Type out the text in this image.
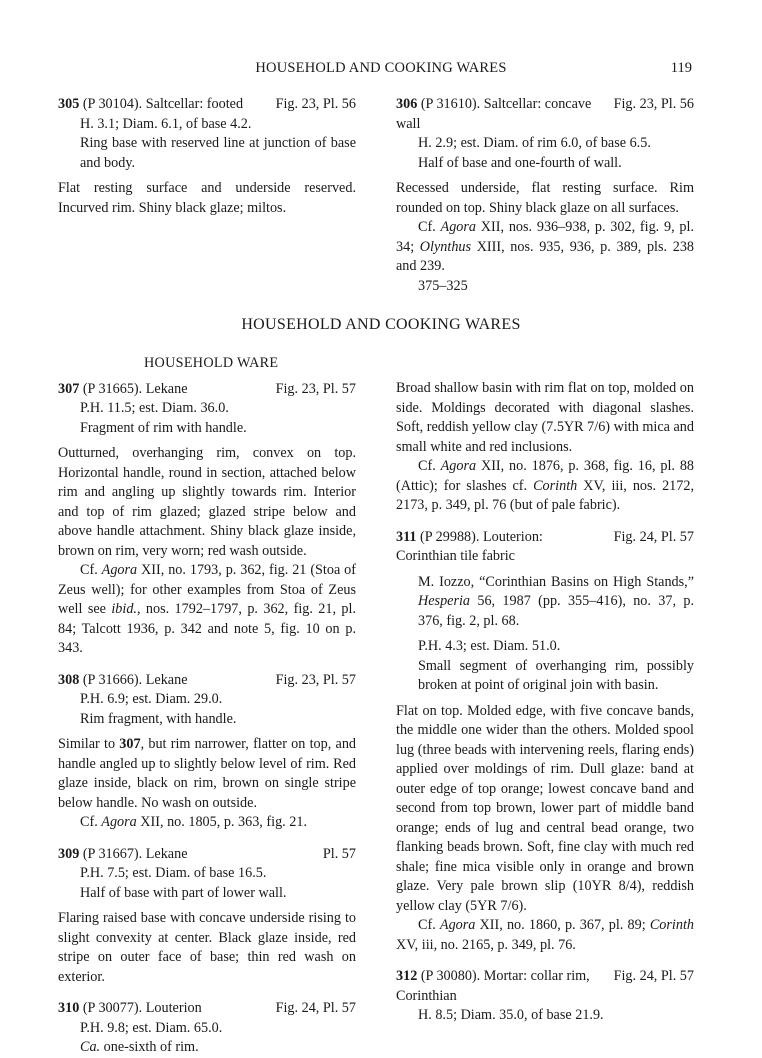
HOUSEHOLD AND COOKING WARES	119
305 (P 30104). Saltcellar: footed	Fig. 23, Pl. 56
H. 3.1; Diam. 6.1, of base 4.2.
Ring base with reserved line at junction of base and body.
Flat resting surface and underside reserved. Incurved rim. Shiny black glaze; miltos.
306 (P 31610). Saltcellar: concave wall
Fig. 23, Pl. 56
H. 2.9; est. Diam. of rim 6.0, of base 6.5.
Half of base and one-fourth of wall.
Recessed underside, flat resting surface. Rim rounded on top. Shiny black glaze on all surfaces.
Cf. Agora XII, nos. 936–938, p. 302, fig. 9, pl. 34; Olynthus XIII, nos. 935, 936, p. 389, pls. 238 and 239.
375–325
HOUSEHOLD AND COOKING WARES
HOUSEHOLD WARE
307 (P 31665). Lekane	Fig. 23, Pl. 57
P.H. 11.5; est. Diam. 36.0.
Fragment of rim with handle.
Outturned, overhanging rim, convex on top. Horizontal handle, round in section, attached below rim and angling up slightly towards rim. Interior and top of rim glazed; glazed stripe below and above handle attachment. Shiny black glaze inside, brown on rim, very worn; red wash outside.
Cf. Agora XII, no. 1793, p. 362, fig. 21 (Stoa of Zeus well); for other examples from Stoa of Zeus well see ibid., nos. 1792–1797, p. 362, fig. 21, pl. 84; Talcott 1936, p. 342 and note 5, fig. 10 on p. 343.
308 (P 31666). Lekane	Fig. 23, Pl. 57
P.H. 6.9; est. Diam. 29.0.
Rim fragment, with handle.
Similar to 307, but rim narrower, flatter on top, and handle angled up to slightly below level of rim. Red glaze inside, black on rim, brown on single stripe below handle. No wash on outside.
Cf. Agora XII, no. 1805, p. 363, fig. 21.
309 (P 31667). Lekane	Pl. 57
P.H. 7.5; est. Diam. of base 16.5.
Half of base with part of lower wall.
Flaring raised base with concave underside rising to slight convexity at center. Black glaze inside, red stripe on outer face of base; thin red wash on exterior.
310 (P 30077). Louterion	Fig. 24, Pl. 57
P.H. 9.8; est. Diam. 65.0.
Ca. one-sixth of rim.
Broad shallow basin with rim flat on top, molded on side. Moldings decorated with diagonal slashes. Soft, reddish yellow clay (7.5YR 7/6) with mica and small white and red inclusions.
Cf. Agora XII, no. 1876, p. 368, fig. 16, pl. 88 (Attic); for slashes cf. Corinth XV, iii, nos. 2172, 2173, p. 349, pl. 76 (but of pale fabric).
311 (P 29988). Louterion: Corinthian tile fabric
Fig. 24, Pl. 57
M. Iozzo, “Corinthian Basins on High Stands,” Hesperia 56, 1987 (pp. 355–416), no. 37, p. 376, fig. 2, pl. 68.
P.H. 4.3; est. Diam. 51.0.
Small segment of overhanging rim, possibly broken at point of original join with basin.
Flat on top. Molded edge, with five concave bands, the middle one wider than the others. Molded spool lug (three beads with intervening reels, flaring ends) applied over moldings of rim. Dull glaze: band at outer edge of top orange; lowest concave band and second from top brown, lower part of middle band orange; ends of lug and central bead orange, two flanking beads brown. Soft, fine clay with much red shale; fine mica visible only in orange and brown glaze. Very pale brown slip (10YR 8/4), reddish yellow clay (5YR 7/6).
Cf. Agora XII, no. 1860, p. 367, pl. 89; Corinth XV, iii, no. 2165, p. 349, pl. 76.
312 (P 30080). Mortar: collar rim, Corinthian
Fig. 24, Pl. 57
H. 8.5; Diam. 35.0, of base 21.9.
